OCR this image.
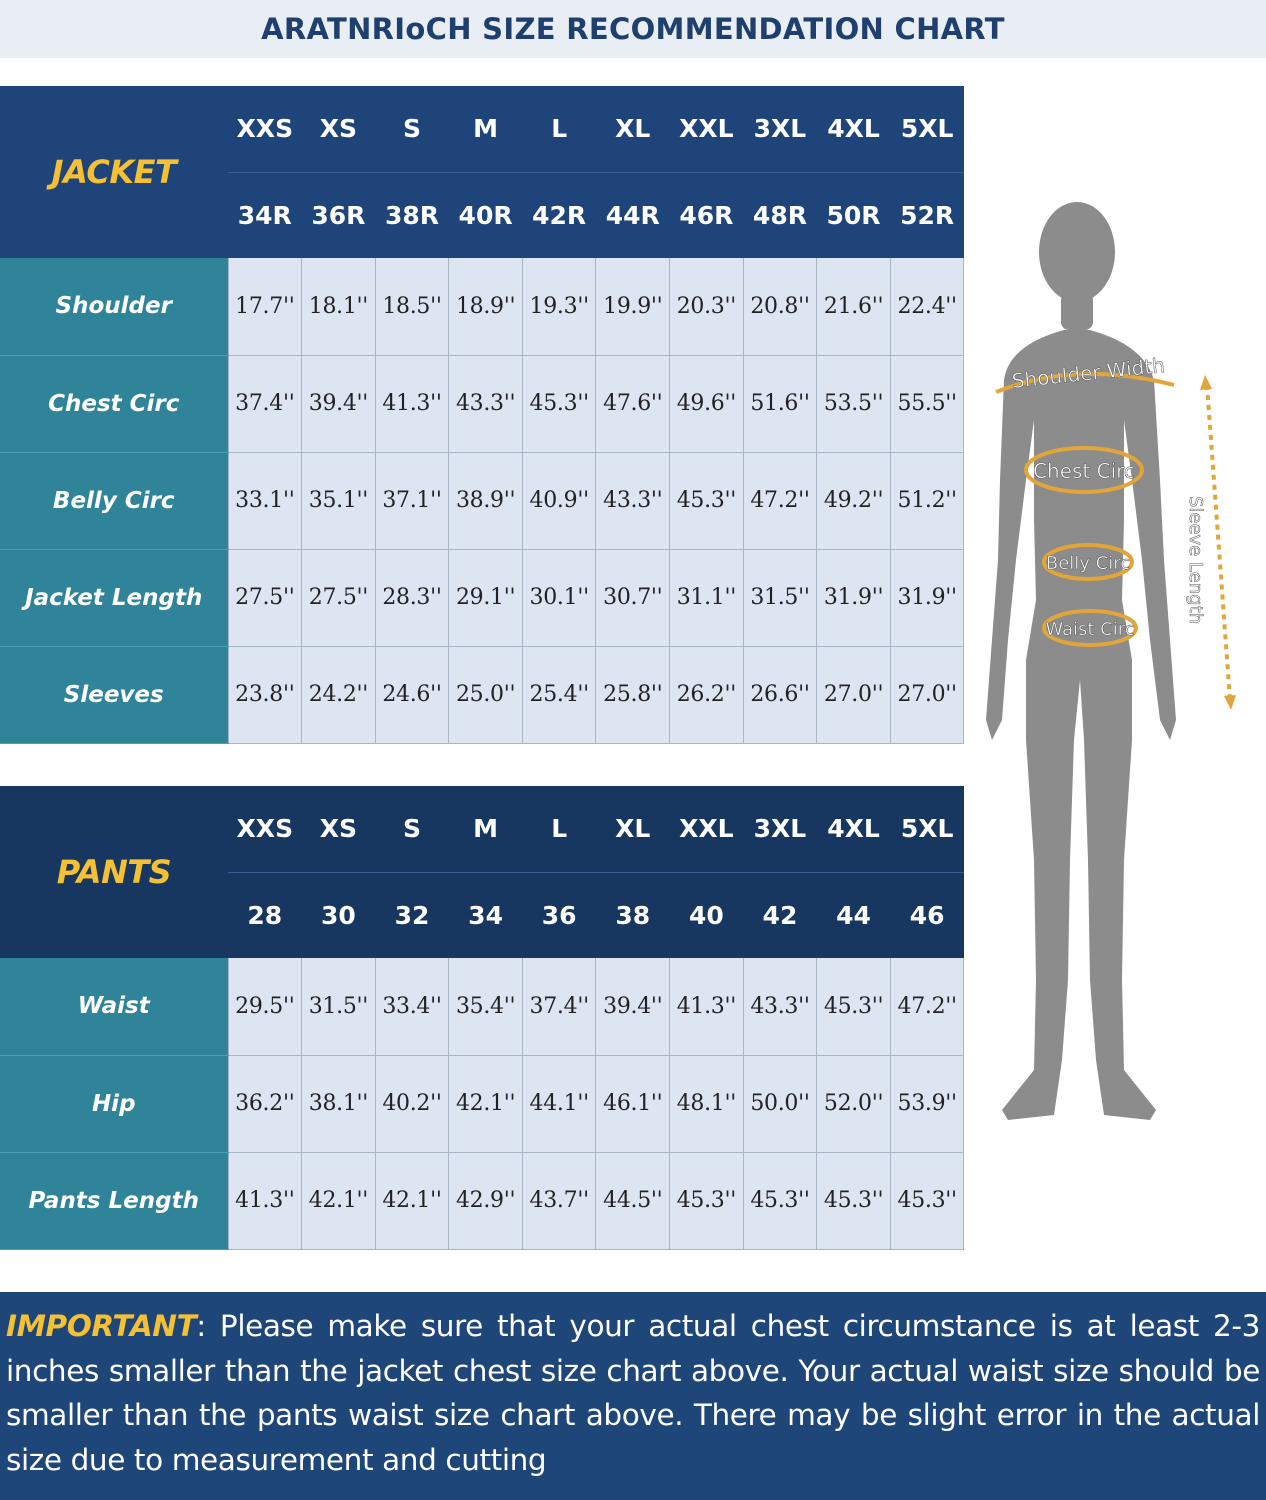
ARATNRIoCH SIZE RECOMMENDATION CHART
JACKET	XXS	XS	S	M	L	XL	XXL	3XL	4XL	5XL
	34R	36R	38R	40R	42R	44R	46R	48R	50R	52R
Shoulder	17.7''	18.1''	18.5''	18.9''	19.3''	19.9''	20.3''	20.8''	21.6''	22.4''
Chest Circ	37.4''	39.4''	41.3''	43.3''	45.3''	47.6''	49.6''	51.6''	53.5''	55.5''
Belly Circ	33.1''	35.1''	37.1''	38.9''	40.9''	43.3''	45.3''	47.2''	49.2''	51.2''
Jacket Length	27.5''	27.5''	28.3''	29.1''	30.1''	30.7''	31.1''	31.5''	31.9''	31.9''
Sleeves	23.8''	24.2''	24.6''	25.0''	25.4''	25.8''	26.2''	26.6''	27.0''	27.0''
PANTS	XXS	XS	S	M	L	XL	XXL	3XL	4XL	5XL
	28	30	32	34	36	38	40	42	44	46
Waist	29.5''	31.5''	33.4''	35.4''	37.4''	39.4''	41.3''	43.3''	45.3''	47.2''
Hip	36.2''	38.1''	40.2''	42.1''	44.1''	46.1''	48.1''	50.0''	52.0''	53.9''
Pants Length	41.3''	42.1''	42.1''	42.9''	43.7''	44.5''	45.3''	45.3''	45.3''	45.3''
Shoulder Width
Chest Circ
Belly Circ
Waist Circ
Sleeve Length
IMPORTANT: Please make sure that your actual chest circumstance is at least 2-3 inches smaller than the jacket chest size chart above. Your actual waist size should be smaller than the pants waist size chart above. There may be slight error in the actual size due to measurement and cutting
